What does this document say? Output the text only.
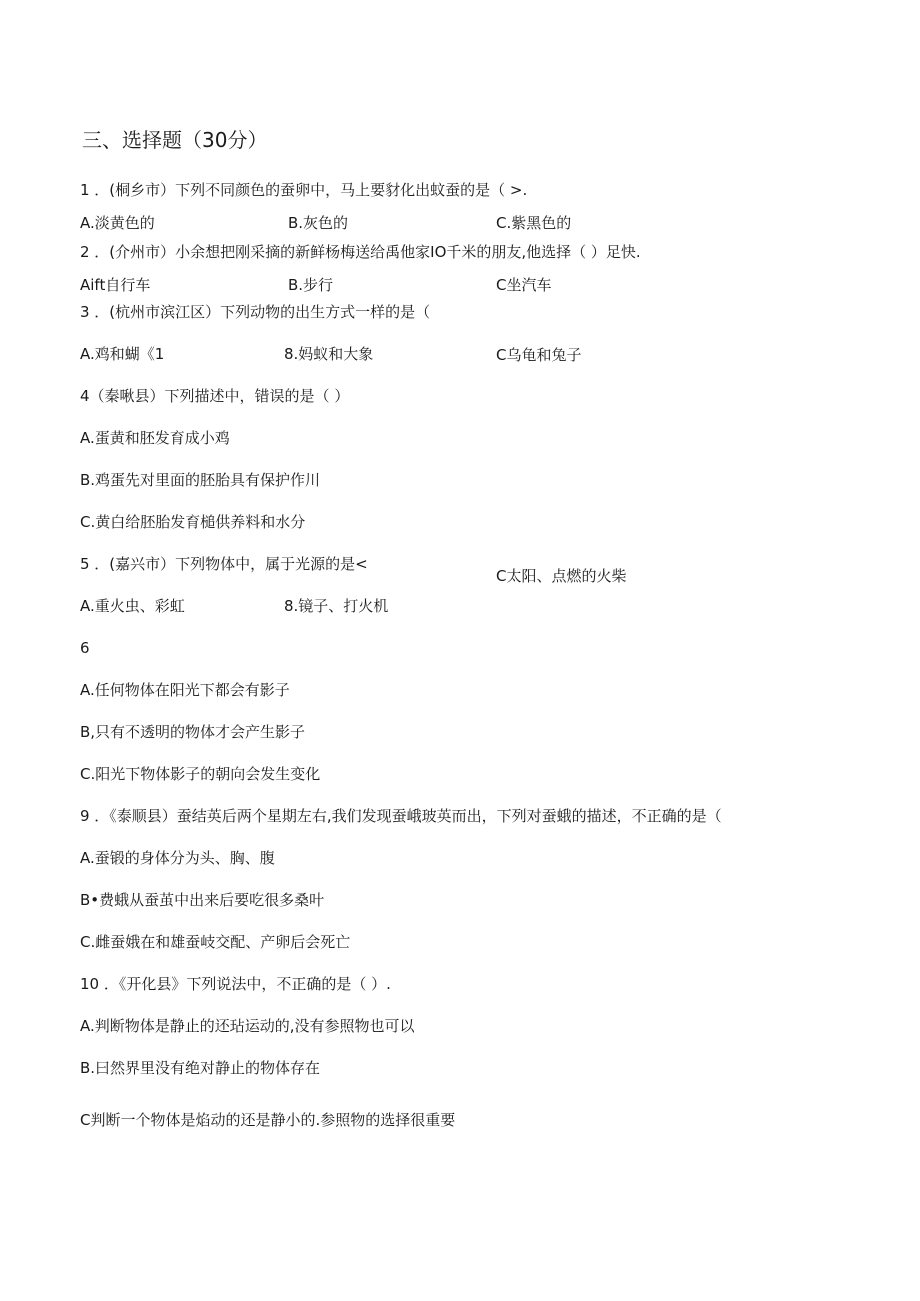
三、选择题（30分）
1 ．(桐乡市）下列不同颜色的蚕卵中，马上要豺化出蚊蚕的是（ >.
A.淡黄色的	B.灰色的	C.紫黑色的
2 ．(介州市）小余想把刚采摘的新鲜杨梅送给禹他家IO千米的朋友,他选择（ ）足快.
Aift自行车	B.步行	C坐汽车
3 ．(杭州市滨江区）下列动物的出生方式一样的是（
A.鸡和蝴《1	8.妈蚁和大象	C乌龟和兔子
4（秦啾县）下列描述中，错误的是（ ）
A.蛋黄和胚发育成小鸡
B.鸡蛋先对里面的胚胎具有保护作川
C.黄白给胚胎发育槌供养料和水分
5 ．(嘉兴市）下列物体中，属于光源的是<
A.重火虫、彩虹	8.镜子、打火机
C太阳、点燃的火柴
6
A.任何物体在阳光下都会有影子
B,只有不透明的物体才会产生影子
C.阳光下物体影子的朝向会发生变化
9 ．《泰顺县）蚕结英后两个星期左右,我们发现蚕峨玻英而出，下列对蚕蛾的描述，不正确的是（
A.蚕锻的身体分为头、胸、腹
B•费蛾从蚕茧中出来后要吃很多桑叶
C.雌蚕娥在和雄蚕岐交配、产卵后会死亡
10 ．《开化县》下列说法中，不正确的是（ ）.
A.判断物体是静止的还玷运动的,没有参照物也可以
B.曰然界里没有绝对静止的物体存在
C判断一个物体是焰动的还是静小的.参照物的选择很重要
